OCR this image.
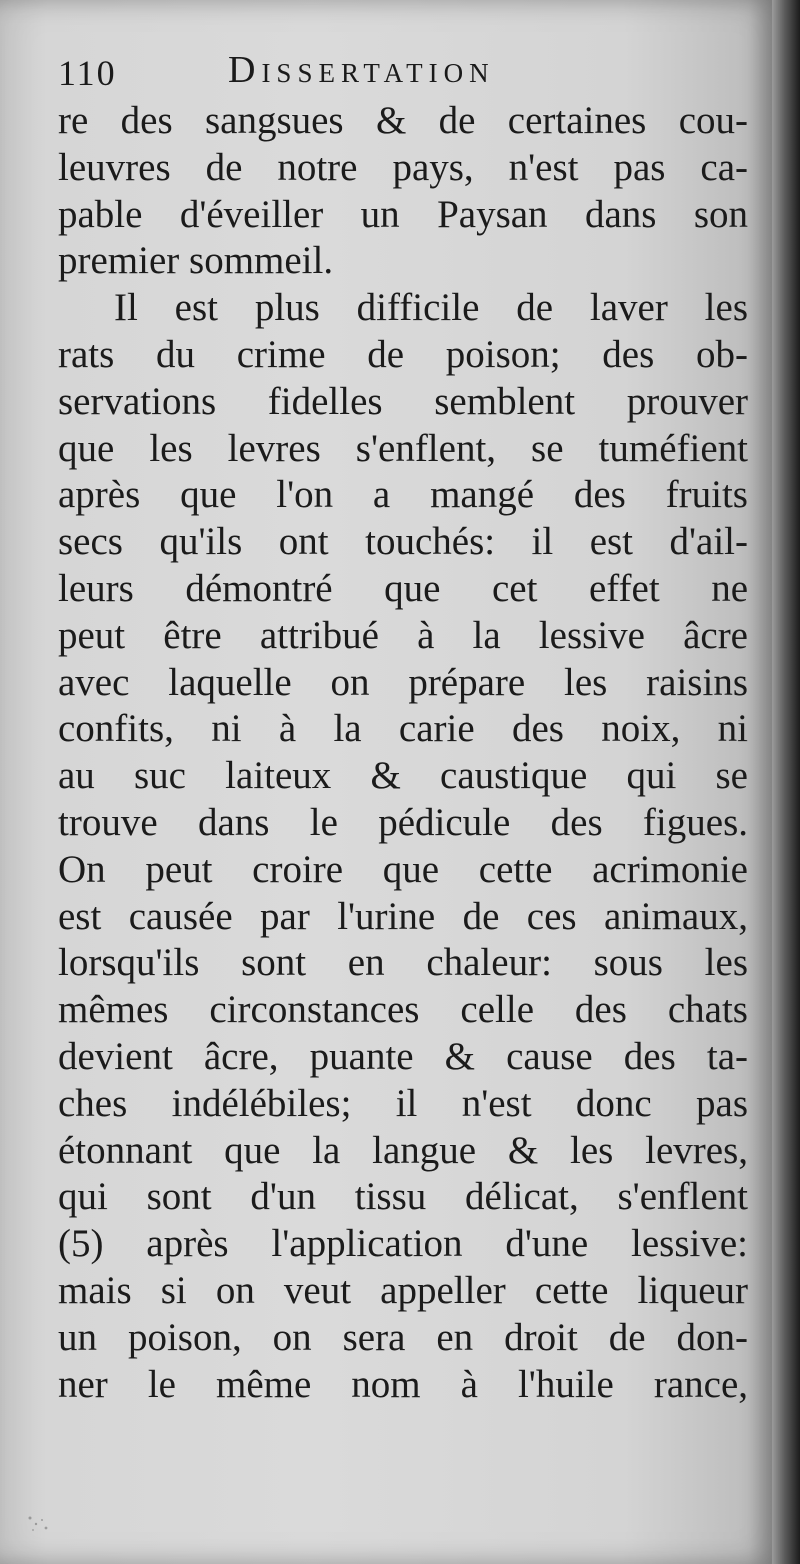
110	Dissertation
re des sangsues & de certaines cou-
leuvres de notre pays, n'est pas ca-
pable d'éveiller un Paysan dans son
premier sommeil.
Il est plus difficile de laver les
rats du crime de poison; des ob-
servations fidelles semblent prouver
que les levres s'enflent, se tuméfient
après que l'on a mangé des fruits
secs qu'ils ont touchés: il est d'ail-
leurs démontré que cet effet ne
peut être attribué à la lessive âcre
avec laquelle on prépare les raisins
confits, ni à la carie des noix, ni
au suc laiteux & caustique qui se
trouve dans le pédicule des figues.
On peut croire que cette acrimonie
est causée par l'urine de ces animaux,
lorsqu'ils sont en chaleur: sous les
mêmes circonstances celle des chats
devient âcre, puante & cause des ta-
ches indélébiles; il n'est donc pas
étonnant que la langue & les levres,
qui sont d'un tissu délicat, s'enflent
(5) après l'application d'une lessive:
mais si on veut appeller cette liqueur
un poison, on sera en droit de don-
ner le même nom à l'huile rance,
